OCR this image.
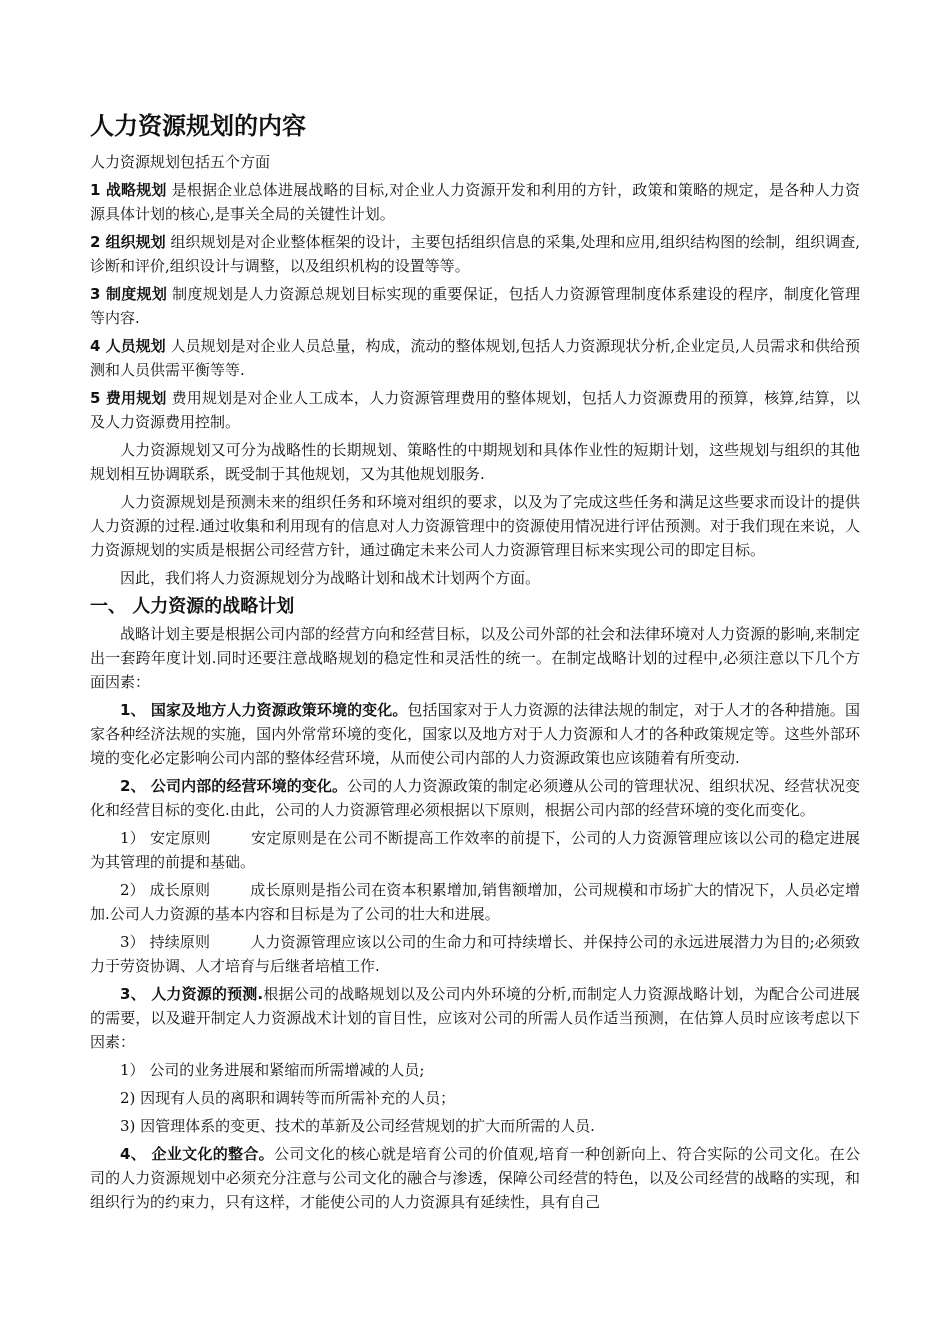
人力资源规划的内容
人力资源规划包括五个方面
1 战略规划 是根据企业总体进展战略的目标,对企业人力资源开发和利用的方针，政策和策略的规定，是各种人力资源具体计划的核心,是事关全局的关键性计划。
2 组织规划 组织规划是对企业整体框架的设计，主要包括组织信息的采集,处理和应用,组织结构图的绘制，组织调查,诊断和评价,组织设计与调整，以及组织机构的设置等等。
3 制度规划 制度规划是人力资源总规划目标实现的重要保证，包括人力资源管理制度体系建设的程序，制度化管理等内容.
4 人员规划 人员规划是对企业人员总量，构成，流动的整体规划,包括人力资源现状分析,企业定员,人员需求和供给预测和人员供需平衡等等.
5 费用规划 费用规划是对企业人工成本，人力资源管理费用的整体规划，包括人力资源费用的预算，核算,结算，以及人力资源费用控制。
人力资源规划又可分为战略性的长期规划、策略性的中期规划和具体作业性的短期计划，这些规划与组织的其他规划相互协调联系，既受制于其他规划，又为其他规划服务.
人力资源规划是预测未来的组织任务和环境对组织的要求，以及为了完成这些任务和满足这些要求而设计的提供人力资源的过程.通过收集和利用现有的信息对人力资源管理中的资源使用情况进行评估预测。对于我们现在来说，人力资源规划的实质是根据公司经营方针，通过确定未来公司人力资源管理目标来实现公司的即定目标。
因此，我们将人力资源规划分为战略计划和战术计划两个方面。
一、 人力资源的战略计划
战略计划主要是根据公司内部的经营方向和经营目标，以及公司外部的社会和法律环境对人力资源的影响,来制定出一套跨年度计划.同时还要注意战略规划的稳定性和灵活性的统一。在制定战略计划的过程中,必须注意以下几个方面因素：
1、 国家及地方人力资源政策环境的变化。包括国家对于人力资源的法律法规的制定，对于人才的各种措施。国家各种经济法规的实施，国内外常常环境的变化，国家以及地方对于人力资源和人才的各种政策规定等。这些外部环境的变化必定影响公司内部的整体经营环境，从而使公司内部的人力资源政策也应该随着有所变动.
2、 公司内部的经营环境的变化。公司的人力资源政策的制定必须遵从公司的管理状况、组织状况、经营状况变化和经营目标的变化.由此，公司的人力资源管理必须根据以下原则，根据公司内部的经营环境的变化而变化。
1） 安定原则	安定原则是在公司不断提高工作效率的前提下，公司的人力资源管理应该以公司的稳定进展为其管理的前提和基础。
2） 成长原则	成长原则是指公司在资本积累增加,销售额增加，公司规模和市场扩大的情况下，人员必定增加.公司人力资源的基本内容和目标是为了公司的壮大和进展。
3） 持续原则	人力资源管理应该以公司的生命力和可持续增长、并保持公司的永远进展潜力为目的;必须致力于劳资协调、人才培育与后继者培植工作.
3、 人力资源的预测.根据公司的战略规划以及公司内外环境的分析,而制定人力资源战略计划，为配合公司进展的需要，以及避开制定人力资源战术计划的盲目性，应该对公司的所需人员作适当预测，在估算人员时应该考虑以下因素：
1） 公司的业务进展和紧缩而所需增减的人员;
2) 因现有人员的离职和调转等而所需补充的人员；
3) 因管理体系的变更、技术的革新及公司经营规划的扩大而所需的人员.
4、 企业文化的整合。公司文化的核心就是培育公司的价值观,培育一种创新向上、符合实际的公司文化。在公司的人力资源规划中必须充分注意与公司文化的融合与渗透，保障公司经营的特色，以及公司经营的战略的实现，和组织行为的约束力，只有这样，才能使公司的人力资源具有延续性，具有自己
